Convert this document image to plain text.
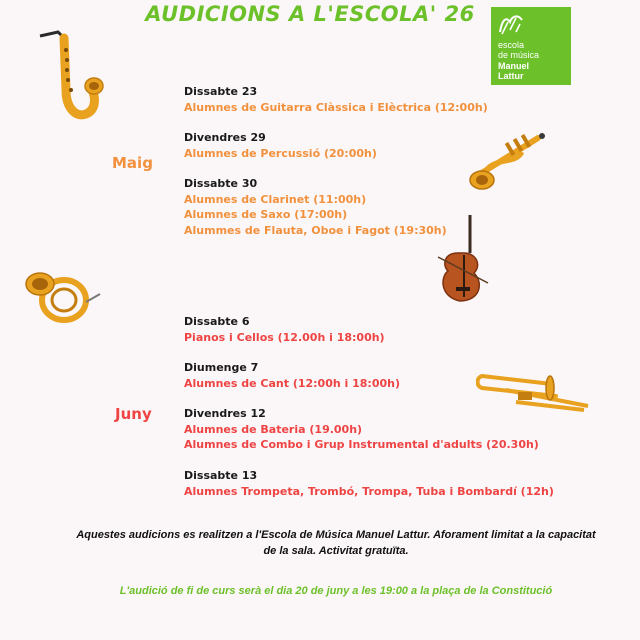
AUDICIONS A L'ESCOLA' 26
escola
de música
Manuel
Lattur
Maig
Dissabte 23
Alumnes de Guitarra Clàssica i Elèctrica (12:00h)
Divendres 29
Alumnes de Percussió (20:00h)
Dissabte 30
Alumnes de Clarinet (11:00h)
Alumnes de Saxo (17:00h)
Alummes de Flauta, Oboe i Fagot (19:30h)
Juny
Dissabte 6
Pianos i Cellos (12.00h i 18:00h)
Diumenge 7
Alumnes de Cant (12:00h i 18:00h)
Divendres 12
Alumnes de Bateria (19.00h)
Alumnes de Combo i Grup Instrumental d'adults (20.30h)
Dissabte 13
Alumnes Trompeta, Trombó, Trompa, Tuba i Bombardí (12h)
Aquestes audicions es realitzen a l'Escola de Música Manuel Lattur. Aforament limitat a la capacitat
de la sala. Activitat gratuïta.
L'audició de fi de curs serà el dia 20 de juny a les 19:00 a la plaça de la Constitució
